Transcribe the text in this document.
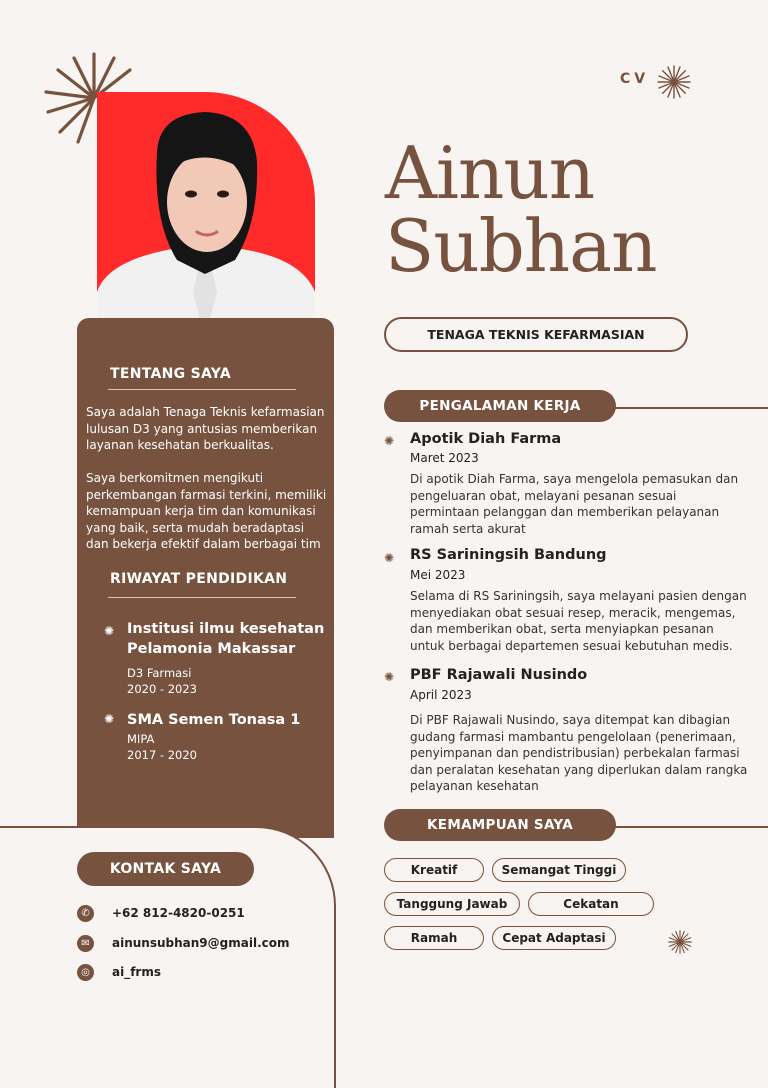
TENTANG SAYA
Saya adalah Tenaga Teknis kefarmasian
lulusan D3 yang antusias memberikan
layanan kesehatan berkualitas.
Saya berkomitmen mengikuti
perkembangan farmasi terkini, memiliki
kemampuan kerja tim dan komunikasi
yang baik, serta mudah beradaptasi
dan bekerja efektif dalam berbagai tim
RIWAYAT PENDIDIKAN
✺ Institusi ilmu kesehatan
Pelamonia Makassar
D3 Farmasi
2020 - 2023
✺ SMA Semen Tonasa 1
MIPA
2017 - 2020
KONTAK SAYA
✆	+62 812-4820-0251
✉	ainunsubhan9@gmail.com
◎	ai_frms
CV
Ainun
Subhan
TENAGA TEKNIS KEFARMASIAN
PENGALAMAN KERJA
✺ Apotik Diah Farma
Maret 2023
Di apotik Diah Farma, saya mengelola pemasukan dan
pengeluaran obat, melayani pesanan sesuai
permintaan pelanggan dan memberikan pelayanan
ramah serta akurat
✺ RS Sariningsih Bandung
Mei 2023
Selama di RS Sariningsih, saya melayani pasien dengan
menyediakan obat sesuai resep, meracik, mengemas,
dan memberikan obat, serta menyiapkan pesanan
untuk berbagai departemen sesuai kebutuhan medis.
✺ PBF Rajawali Nusindo
April 2023
Di PBF Rajawali Nusindo, saya ditempat kan dibagian
gudang farmasi mambantu pengelolaan (penerimaan,
penyimpanan dan pendistribusian) perbekalan farmasi
dan peralatan kesehatan yang diperlukan dalam rangka
pelayanan kesehatan
KEMAMPUAN SAYA
Kreatif	Semangat Tinggi
Tanggung Jawab	Cekatan
Ramah	Cepat Adaptasi
